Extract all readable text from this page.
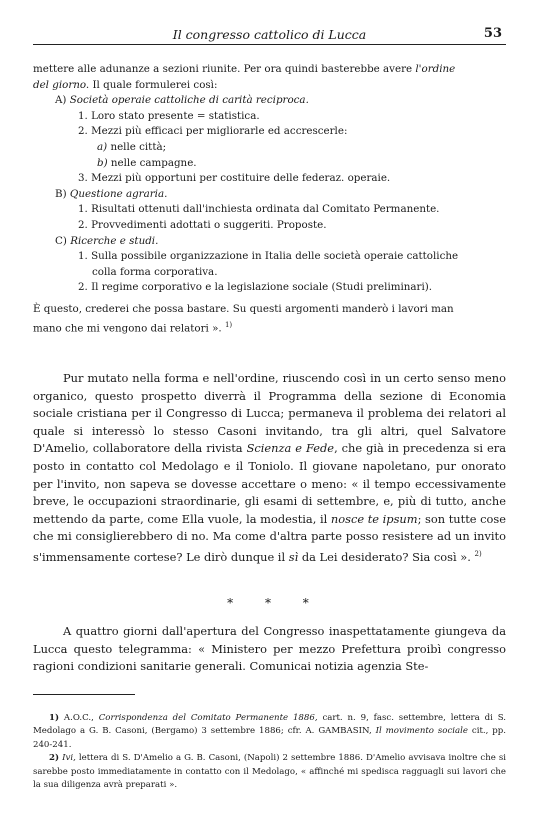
Il congresso cattolico di Lucca	53

mettere alle adunanze a sezioni riunite. Per ora quindi basterebbe avere l'ordine

del giorno. Il quale formulerei così:

A) Società operaie cattoliche di carità reciproca.

1. Loro stato presente = statistica.

2. Mezzi più efficaci per migliorarle ed accrescerle:

a) nelle città;

b) nelle campagne.

3. Mezzi più opportuni per costituire delle federaz. operaie.

B) Questione agraria.

1. Risultati ottenuti dall'inchiesta ordinata dal Comitato Permanente.

2. Provvedimenti adottati o suggeriti. Proposte.

C) Ricerche e studi.

1. Sulla possibile organizzazione in Italia delle società operaie cattoliche

colla forma corporativa.

2. Il regime corporativo e la legislazione sociale (Studi preliminari).

È questo, crederei che possa bastare. Su questi argomenti manderò i lavori man

mano che mi vengono dai relatori ». $^{1)}$

Pur mutato nella forma e nell'ordine, riuscendo così in un certo senso meno organico, questo prospetto diverrà il Programma della sezione di Economia sociale cristiana per il Congresso di Lucca; permaneva il problema dei relatori al quale si interessò lo stesso Casoni invitando, tra gli altri, quel Salvatore D'Amelio, collaboratore della rivista Scienza e Fede, che già in precedenza si era posto in contatto col Medolago e il Toniolo. Il giovane napoletano, pur onorato per l'invito, non sapeva se dovesse accettare o meno: « il tempo eccessivamente breve, le occupazioni straordinarie, gli esami di settembre, e, più di tutto, anche mettendo da parte, come Ella vuole, la modestia, il nosce te ipsum; son tutte cose che mi consiglierebbero di no. Ma come d'altra parte posso resistere ad un invito s'immensamente cortese? Le dirò dunque il sì da Lei desiderato? Sia così ». $^{2)}$

* * *

A quattro giorni dall'apertura del Congresso inaspettatamente giungeva da Lucca questo telegramma: « Ministero per mezzo Prefettura proibì congresso ragioni condizioni sanitarie generali. Comunicai notizia agenzia Ste-

1) A.O.C., Corrispondenza del Comitato Permanente 1886, cart. n. 9, fasc. settembre, lettera di S. Medolago a G. B. Casoni, (Bergamo) 3 settembre 1886; cfr. A. GAMBASIN, Il movimento sociale cit., pp. 240-241.

2) Ivi, lettera di S. D'Amelio a G. B. Casoni, (Napoli) 2 settembre 1886. D'Amelio avvisava inoltre che si sarebbe posto immediatamente in contatto con il Medolago, « affinché mi spedisca ragguagli sui lavori che la sua diligenza avrà preparati ».
